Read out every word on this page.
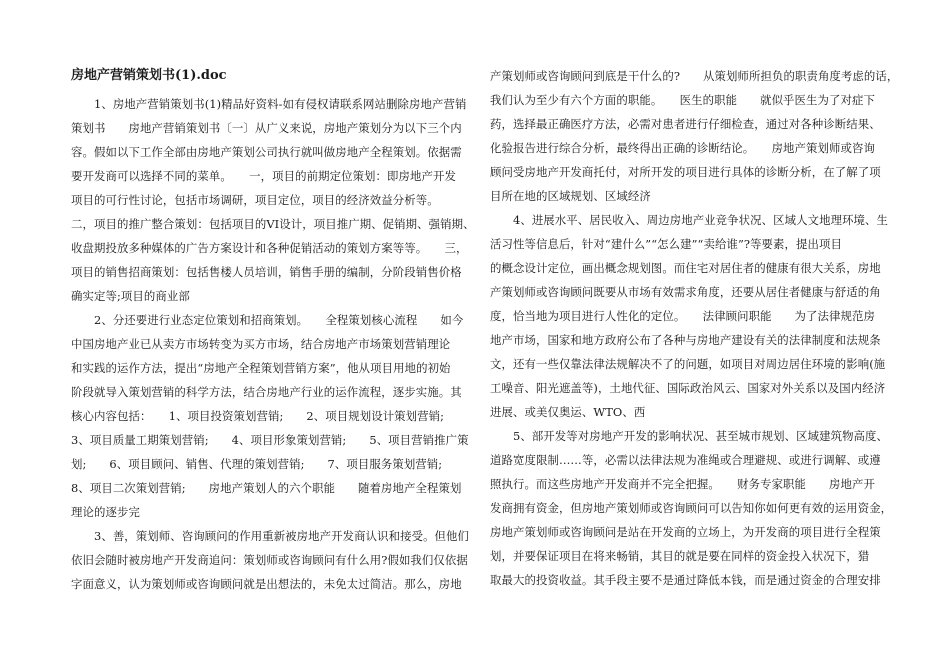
房地产营销策划书(1).doc
　　1、房地产营销策划书(1)精品好资料-如有侵权请联系网站删除房地产营销
策划书　　房地产营销策划书〔一〕从广义来说，房地产策划分为以下三个内
容。假如以下工作全部由房地产策划公司执行就叫做房地产全程策划。依据需
要开发商可以选择不同的菜单。　　一，项目的前期定位策划：即房地产开发
项目的可行性讨论，包括市场调研，项目定位，项目的经济效益分析等。
二，项目的推广整合策划：包括项目的VI设计，项目推广期、促销期、强销期、
收盘期投放多种媒体的广告方案设计和各种促销活动的策划方案等等。　　三，
项目的销售招商策划：包括售楼人员培训，销售手册的编制，分阶段销售价格
确实定等;项目的商业部
　　2、分还要进行业态定位策划和招商策划。　　全程策划核心流程　　如今
中国房地产业已从卖方市场转变为买方市场，结合房地产市场策划营销理论
和实践的运作方法，提出“房地产全程策划营销方案”，他从项目用地的初始
阶段就导入策划营销的科学方法，结合房地产行业的运作流程，逐步实施。其
核心内容包括：　　1、项目投资策划营销;　　2、项目规划设计策划营销;
3、项目质量工期策划营销;　　4、项目形象策划营销;　　5、项目营销推广策
划;　　6、项目顾问、销售、代理的策划营销;　　7、项目服务策划营销;
8、项目二次策划营销;　　房地产策划人的六个职能　　随着房地产全程策划
理论的逐步完
　　3、善，策划师、咨询顾问的作用重新被房地产开发商认识和接受。但他们
依旧会随时被房地产开发商追问：策划师或咨询顾问有什么用?假如我们仅依据
字面意义，认为策划师或咨询顾问就是出想法的，未免太过简洁。那么，房地
产策划师或咨询顾问到底是干什么的?　　从策划师所担负的职责角度考虑的话，
我们认为至少有六个方面的职能。　　医生的职能　　就似乎医生为了对症下
药，选择最正确医疗方法，必需对患者进行仔细检查，通过对各种诊断结果、
化验报告进行综合分析，最终得出正确的诊断结论。　　房地产策划师或咨询
顾问受房地产开发商托付，对所开发的项目进行具体的诊断分析，在了解了项
目所在地的区域规划、区域经济
　　4、进展水平、居民收入、周边房地产业竞争状况、区域人文地理环境、生
活习性等信息后，针对“建什么”“怎么建”“卖给谁”?等要素，提出项目
的概念设计定位，画出概念规划图。而住宅对居住者的健康有很大关系，房地
产策划师或咨询顾问既要从市场有效需求角度，还要从居住者健康与舒适的角
度，恰当地为项目进行人性化的定位。　　法律顾问职能　　为了法律规范房
地产市场，国家和地方政府公布了各种与房地产建设有关的法律制度和法规条
文，还有一些仅靠法律法规解决不了的问题，如项目对周边居住环境的影响(施
工噪音、阳光遮盖等)，土地代征、国际政治风云、国家对外关系以及国内经济
进展、或美仅奥运、WTO、西
　　5、部开发等对房地产开发的影响状况、甚至城市规划、区域建筑物高度、
道路宽度限制……等，必需以法律法规为准绳或合理避规、或进行调解、或遵
照执行。而这些房地产开发商并不完全把握。　　财务专家职能　　房地产开
发商拥有资金，但房地产策划师或咨询顾问可以告知你如何更有效的运用资金，
房地产策划师或咨询顾问是站在开发商的立场上，为开发商的项目进行全程策
划，并要保证项目在将来畅销，其目的就是要在同样的资金投入状况下，猎
取最大的投资收益。其手段主要不是通过降低本钱，而是通过资金的合理安排
